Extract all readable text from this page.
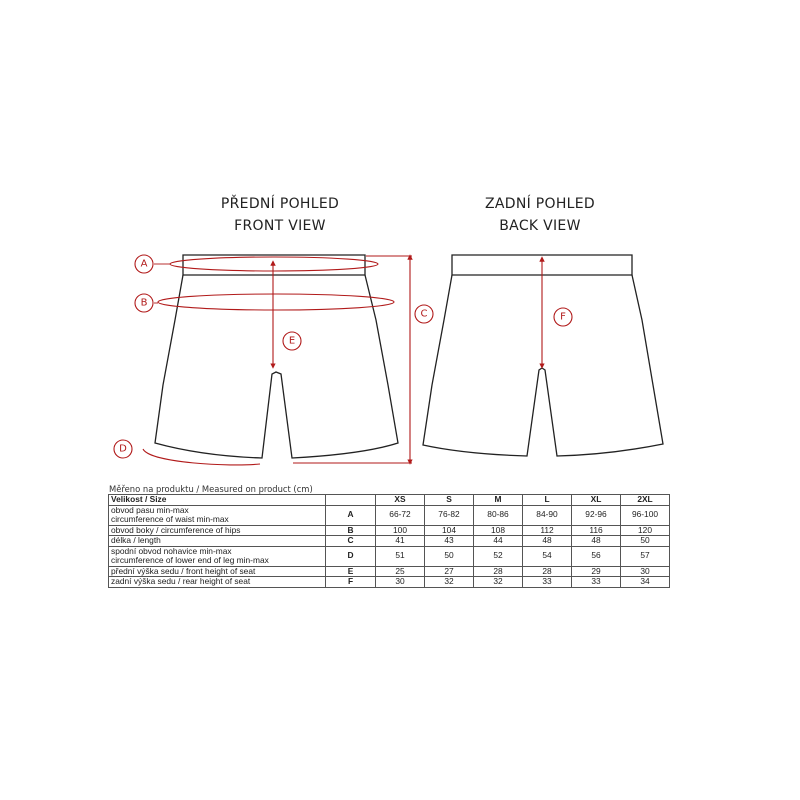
PŘEDNÍ POHLED
FRONT VIEW
ZADNÍ POHLED
BACK VIEW
A
B
C
D
E
F
Měřeno na produktu / Measured on product (cm)
Velikost / Size		XS	S	M	L	XL	2XL

obvod pasu min-max
circumference of waist min-max	A	66-72	76-82	80-86	84-90	92-96	96-100
obvod boky / circumference of hips	B	100	104	108	112	116	120
délka / length	C	41	43	44	48	48	50

spodní obvod nohavice min-max
circumference of lower end of leg min-max	D	51	50	52	54	56	57
přední výška sedu / front height of seat	E	25	27	28	28	29	30
zadní výška sedu / rear height of seat	F	30	32	32	33	33	34
